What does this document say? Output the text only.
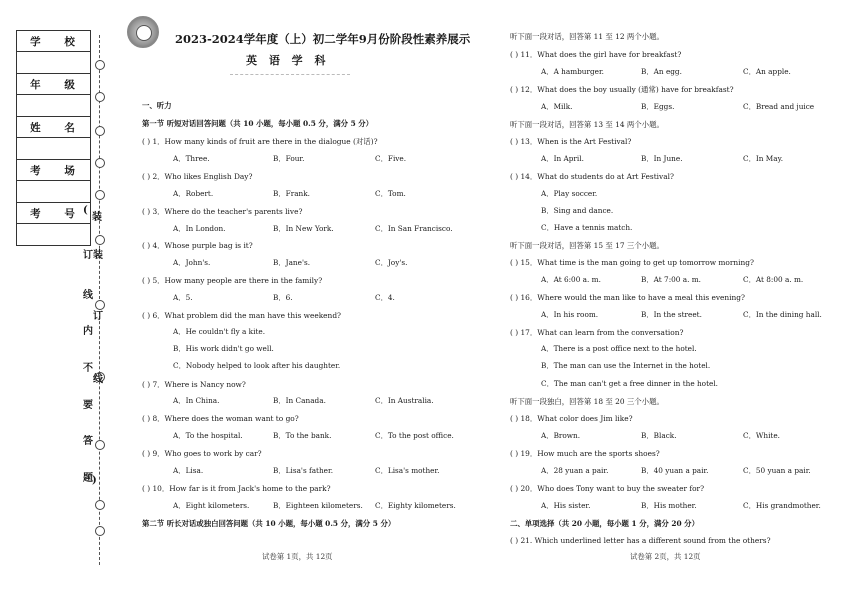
学 校
年 级
姓 名
考 场
考 号
(
装
订 装
线
订
内
不
线
要
答
题 )
2023-2024学年度（上）初二学年9月份阶段性素养展示
英 语 学 科
一、听力
第一节 听短对话回答问题（共 10 小题，每小题 0.5 分，满分 5 分）
( ) 1．How many kinds of fruit are there in the dialogue (对话)?
A．Three.	B．Four.	C．Five.
( ) 2．Who likes English Day?
A．Robert.	B．Frank.	C．Tom.
( ) 3．Where do the teacher's parents live?
A．In London.	B．In New York.	C．In San Francisco.
( ) 4．Whose purple bag is it?
A．John's.	B．Jane's.	C．Joy's.
( ) 5．How many people are there in the family?
A．5.	B．6.	C．4.
( ) 6．What problem did the man have this weekend?
A．He couldn't fly a kite.
B．His work didn't go well.
C．Nobody helped to look after his daughter.
( ) 7．Where is Nancy now?
A．In China.	B．In Canada.	C．In Australia.
( ) 8．Where does the woman want to go?
A．To the hospital.	B．To the bank.	C．To the post office.
( ) 9．Who goes to work by car?
A．Lisa.	B．Lisa's father.	C．Lisa's mother.
( ) 10．How far is it from Jack's home to the park?
A．Eight kilometers.	B．Eighteen kilometers. C．Eighty kilometers.
第二节 听长对话或独白回答问题（共 10 小题，每小题 0.5 分，满分 5 分）
试卷第 1页，共 12页
听下面一段对话，回答第 11 至 12 两个小题。
( ) 11．What does the girl have for breakfast?
A．A hamburger.	B．An egg.	C．An apple.
( ) 12．What does the boy usually (通常) have for breakfast?
A．Milk.	B．Eggs.	C．Bread and juice
听下面一段对话，回答第 13 至 14 两个小题。
( ) 13．When is the Art Festival?
A．In April.	B．In June.	C．In May.
( ) 14．What do students do at Art Festival?
A．Play soccer.
B．Sing and dance.
C．Have a tennis match.
听下面一段对话，回答第 15 至 17 三个小题。
( ) 15．What time is the man going to get up tomorrow morning?
A．At 6:00 a. m.	B．At 7:00 a. m.	C．At 8:00 a. m.
( ) 16．Where would the man like to have a meal this evening?
A．In his room.	B．In the street.	C．In the dining hall.
( ) 17．What can learn from the conversation?
A．There is a post office next to the hotel.
B．The man can use the Internet in the hotel.
C．The man can't get a free dinner in the hotel.
听下面一段独白，回答第 18 至 20 三个小题。
( ) 18．What color does Jim like?
A．Brown.	B．Black.	C．White.
( ) 19．How much are the sports shoes?
A．28 yuan a pair.	B．40 yuan a pair.	C．50 yuan a pair.
( ) 20．Who does Tony want to buy the sweater for?
A．His sister.	B．His mother.	C．His grandmother.
二、单项选择（共 20 小题，每小题 1 分，满分 20 分）
( ) 21. Which underlined letter has a different sound from the others?
试卷第 2页，共 12页
